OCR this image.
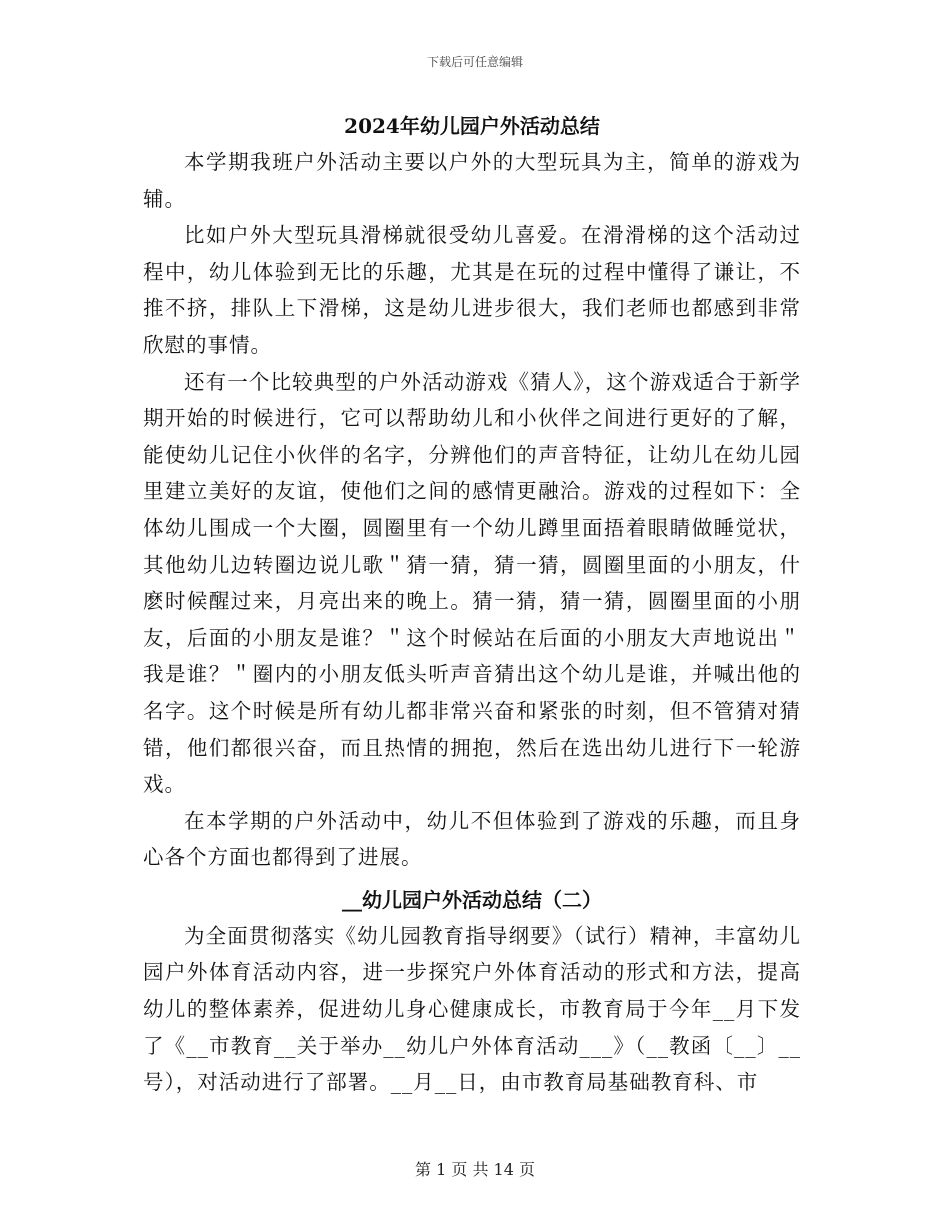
下载后可任意编辑
2024年幼儿园户外活动总结

本学期我班户外活动主要以户外的大型玩具为主，简单的游戏为辅。

比如户外大型玩具滑梯就很受幼儿喜爱。在滑滑梯的这个活动过程中，幼儿体验到无比的乐趣，尤其是在玩的过程中懂得了谦让，不推不挤，排队上下滑梯，这是幼儿进步很大，我们老师也都感到非常欣慰的事情。

还有一个比较典型的户外活动游戏《猜人》，这个游戏适合于新学期开始的时候进行，它可以帮助幼儿和小伙伴之间进行更好的了解，能使幼儿记住小伙伴的名字，分辨他们的声音特征，让幼儿在幼儿园里建立美好的友谊，使他们之间的感情更融洽。游戏的过程如下：全体幼儿围成一个大圈，圆圈里有一个幼儿蹲里面捂着眼睛做睡觉状，其他幼儿边转圈边说儿歌＂猜一猜，猜一猜，圆圈里面的小朋友，什麽时候醒过来，月亮出来的晚上。猜一猜，猜一猜，圆圈里面的小朋友，后面的小朋友是谁？＂这个时候站在后面的小朋友大声地说出＂我是谁？＂圈内的小朋友低头听声音猜出这个幼儿是谁，并喊出他的名字。这个时候是所有幼儿都非常兴奋和紧张的时刻，但不管猜对猜错，他们都很兴奋，而且热情的拥抱，然后在选出幼儿进行下一轮游戏。

在本学期的户外活动中，幼儿不但体验到了游戏的乐趣，而且身心各个方面也都得到了进展。

__幼儿园户外活动总结（二）

为全面贯彻落实《幼儿园教育指导纲要》（试行）精神，丰富幼儿园户外体育活动内容，进一步探究户外体育活动的形式和方法，提高幼儿的整体素养，促进幼儿身心健康成长，市教育局于今年__月下发了《__市教育__关于举办__幼儿户外体育活动___》（__教函〔__〕__号），对活动进行了部署。__月__日，由市教育局基础教育科、市

第 1 页 共 14 页
